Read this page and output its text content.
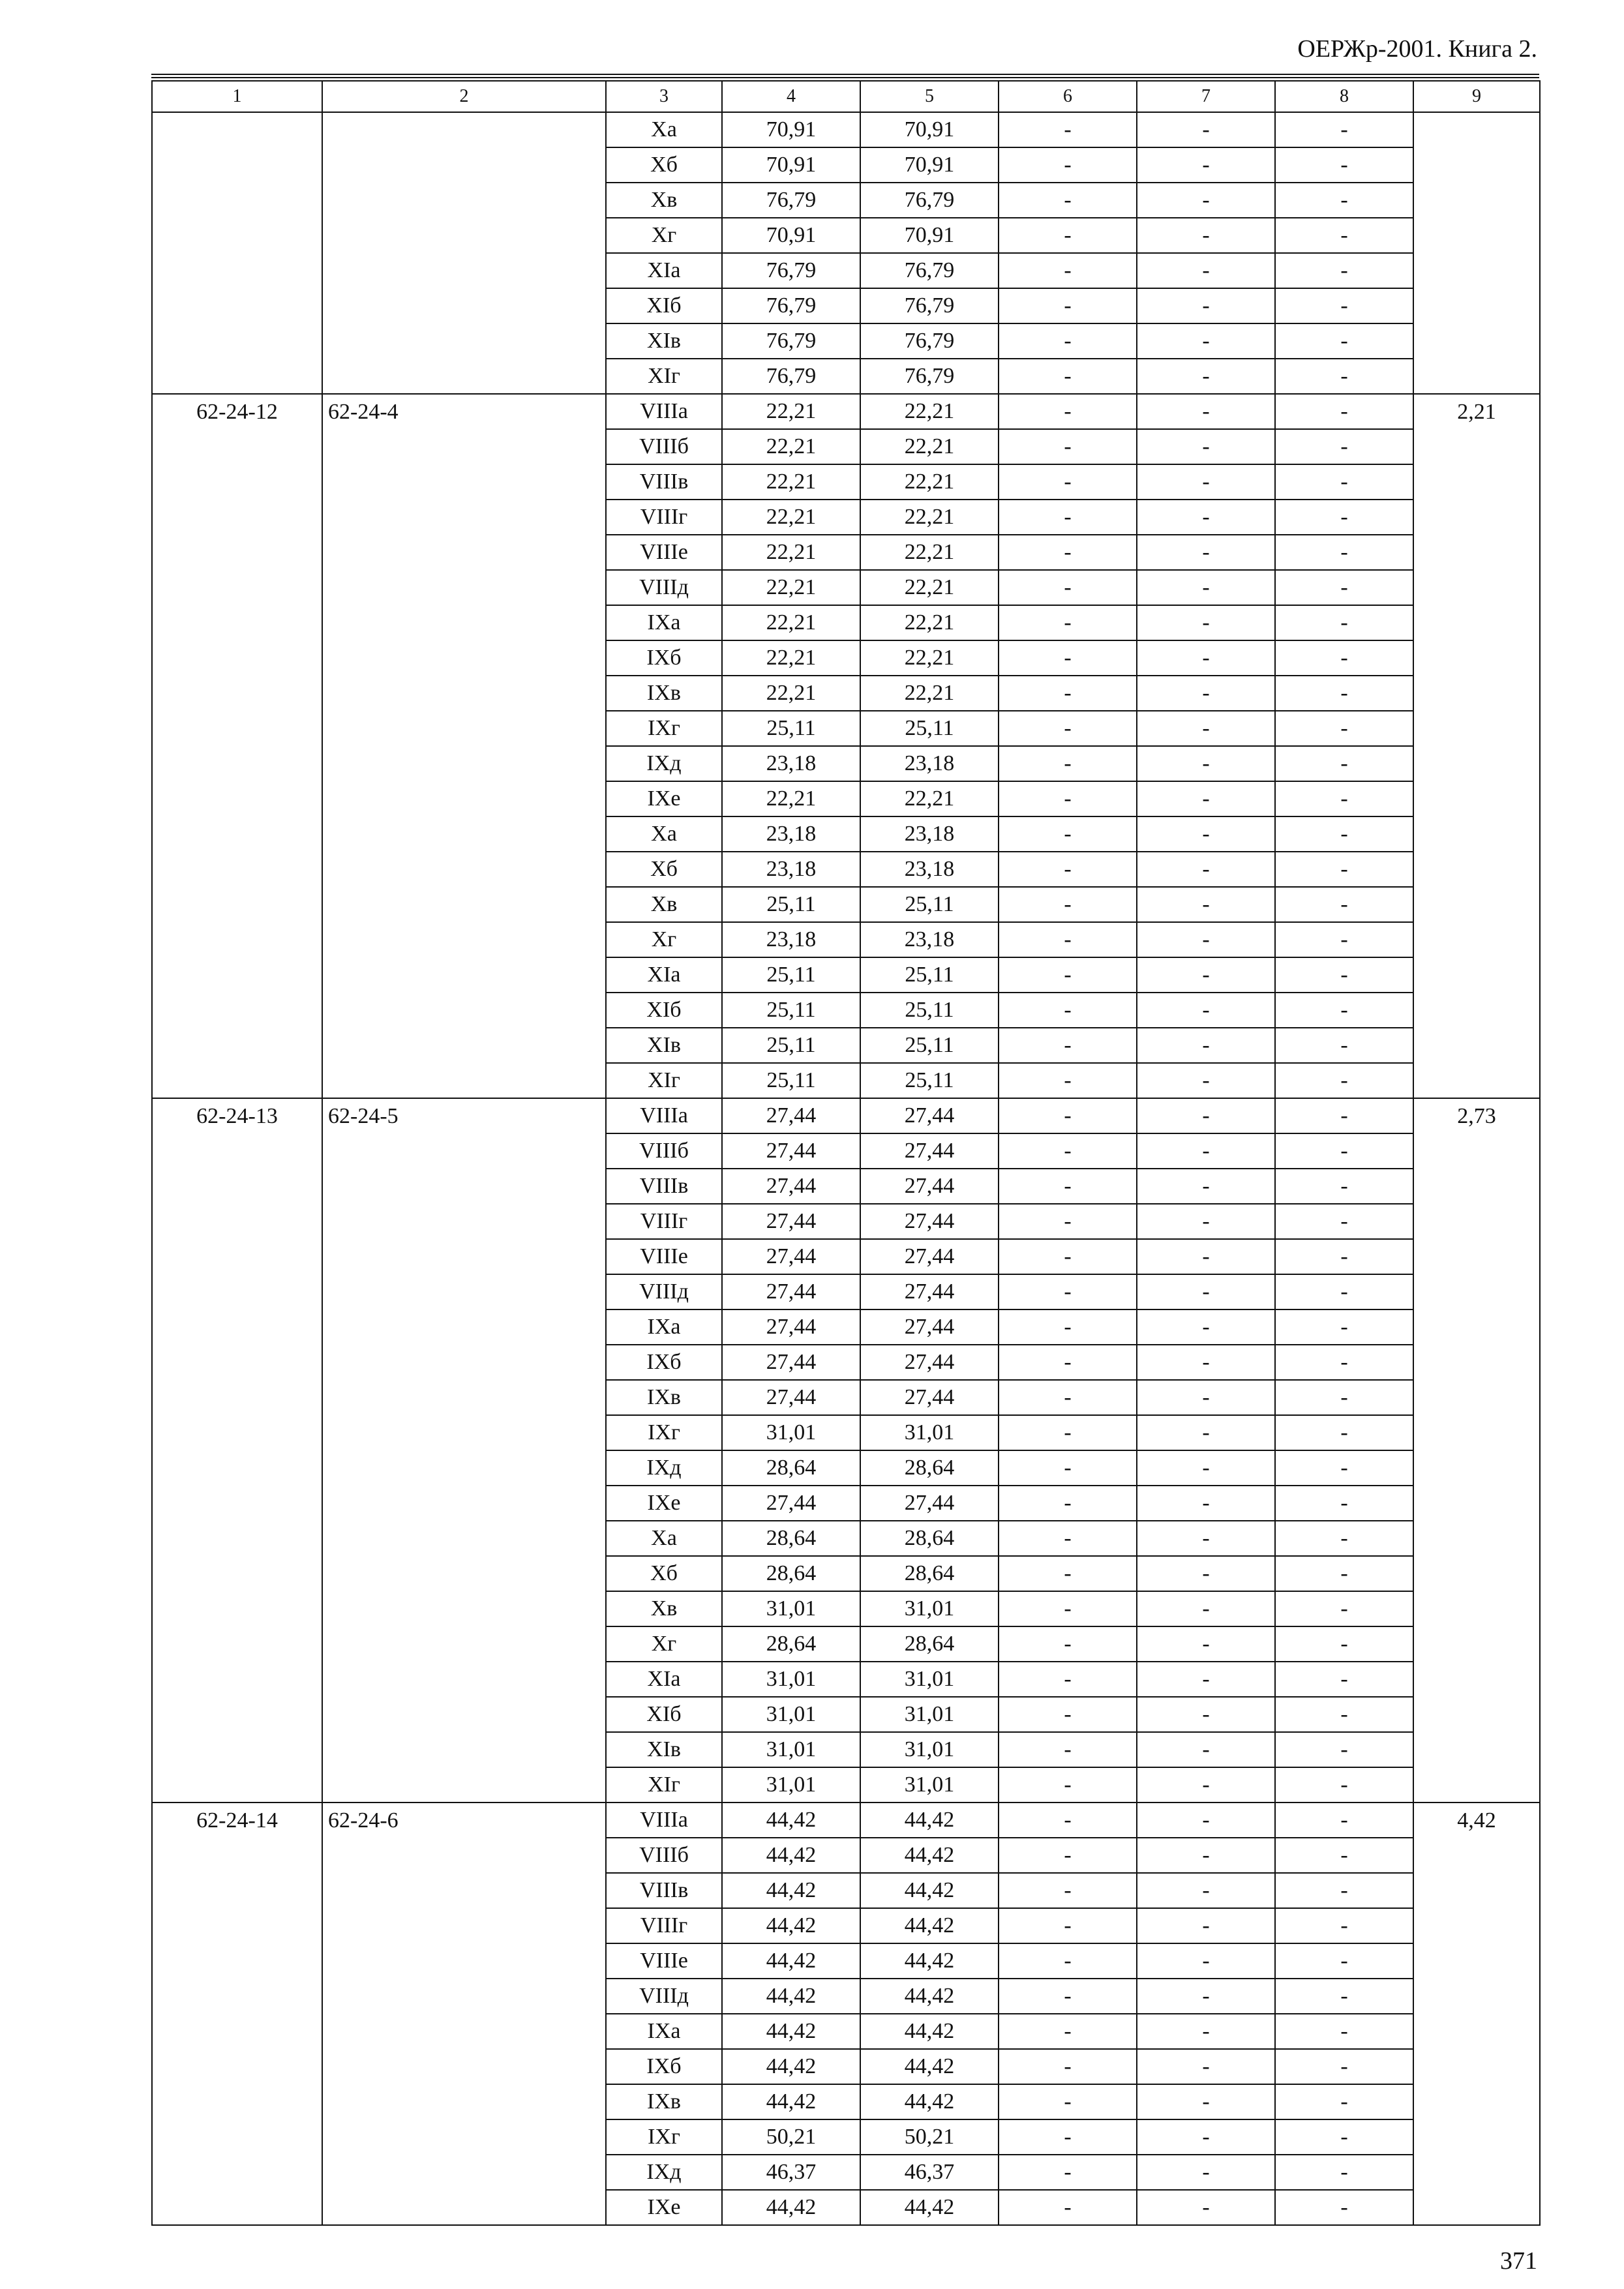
ОЕРЖр-2001. Книга 2.
1	2	3	4	5	6	7	8	9
		Xа	70,91	70,91	-	-	-	
		Xб	70,91	70,91	-	-	-	
		Xв	76,79	76,79	-	-	-	
		Xг	70,91	70,91	-	-	-	
		XIа	76,79	76,79	-	-	-	
		XIб	76,79	76,79	-	-	-	
		XIв	76,79	76,79	-	-	-	
		XIг	76,79	76,79	-	-	-	
62-24-12	62-24-4	VIIIа	22,21	22,21	-	-	-	2,21
		VIIIб	22,21	22,21	-	-	-	
		VIIIв	22,21	22,21	-	-	-	
		VIIIг	22,21	22,21	-	-	-	
		VIIIе	22,21	22,21	-	-	-	
		VIIIд	22,21	22,21	-	-	-	
		IXа	22,21	22,21	-	-	-	
		IXб	22,21	22,21	-	-	-	
		IXв	22,21	22,21	-	-	-	
		IXг	25,11	25,11	-	-	-	
		IXд	23,18	23,18	-	-	-	
		IXе	22,21	22,21	-	-	-	
		Xа	23,18	23,18	-	-	-	
		Xб	23,18	23,18	-	-	-	
		Xв	25,11	25,11	-	-	-	
		Xг	23,18	23,18	-	-	-	
		XIа	25,11	25,11	-	-	-	
		XIб	25,11	25,11	-	-	-	
		XIв	25,11	25,11	-	-	-	
		XIг	25,11	25,11	-	-	-	
62-24-13	62-24-5	VIIIа	27,44	27,44	-	-	-	2,73
		VIIIб	27,44	27,44	-	-	-	
		VIIIв	27,44	27,44	-	-	-	
		VIIIг	27,44	27,44	-	-	-	
		VIIIе	27,44	27,44	-	-	-	
		VIIIд	27,44	27,44	-	-	-	
		IXа	27,44	27,44	-	-	-	
		IXб	27,44	27,44	-	-	-	
		IXв	27,44	27,44	-	-	-	
		IXг	31,01	31,01	-	-	-	
		IXд	28,64	28,64	-	-	-	
		IXе	27,44	27,44	-	-	-	
		Xа	28,64	28,64	-	-	-	
		Xб	28,64	28,64	-	-	-	
		Xв	31,01	31,01	-	-	-	
		Xг	28,64	28,64	-	-	-	
		XIа	31,01	31,01	-	-	-	
		XIб	31,01	31,01	-	-	-	
		XIв	31,01	31,01	-	-	-	
		XIг	31,01	31,01	-	-	-	
62-24-14	62-24-6	VIIIа	44,42	44,42	-	-	-	4,42
		VIIIб	44,42	44,42	-	-	-	
		VIIIв	44,42	44,42	-	-	-	
		VIIIг	44,42	44,42	-	-	-	
		VIIIе	44,42	44,42	-	-	-	
		VIIIд	44,42	44,42	-	-	-	
		IXа	44,42	44,42	-	-	-	
		IXб	44,42	44,42	-	-	-	
		IXв	44,42	44,42	-	-	-	
		IXг	50,21	50,21	-	-	-	
		IXд	46,37	46,37	-	-	-	
		IXе	44,42	44,42	-	-	-	
371
